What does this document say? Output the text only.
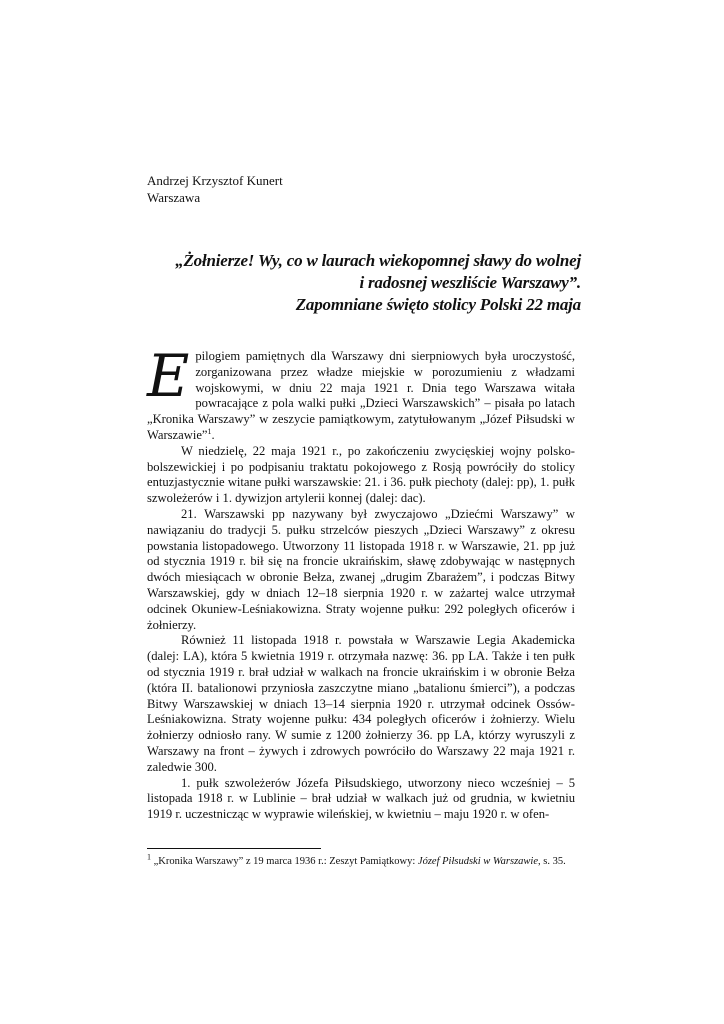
Andrzej Krzysztof Kunert
Warszawa
„Żołnierze! Wy, co w laurach wiekopomnej sławy do wolnej
i radosnej weszliście Warszawy”.
Zapomniane święto stolicy Polski 22 maja

Epilogiem pamiętnych dla Warszawy dni sierpniowych była uroczystość, zorganizowana przez władze miejskie w porozumieniu z władzami wojskowymi, w dniu 22 maja 1921 r. Dnia tego Warszawa witała powracające z pola walki pułki „Dzieci Warszawskich” – pisała po latach „Kronika Warszawy” w zeszycie pamiątkowym, zatytułowanym „Józef Piłsudski w Warszawie”$^1$.

W niedzielę, 22 maja 1921 r., po zakończeniu zwycięskiej wojny polsko-bolszewickiej i po podpisaniu traktatu pokojowego z Rosją powróciły do stolicy entuzjastycznie witane pułki warszawskie: 21. i 36. pułk piechoty (dalej: pp), 1. pułk szwoleżerów i 1. dywizjon artylerii konnej (dalej: dac).

21. Warszawski pp nazywany był zwyczajowo „Dziećmi Warszawy” w nawiązaniu do tradycji 5. pułku strzelców pieszych „Dzieci Warszawy” z okresu powstania listopadowego. Utworzony 11 listopada 1918 r. w Warszawie, 21. pp już od stycznia 1919 r. bił się na froncie ukraińskim, sławę zdobywając w następnych dwóch miesiącach w obronie Bełza, zwanej „drugim Zbarażem”, i podczas Bitwy Warszawskiej, gdy w dniach 12–18 sierpnia 1920 r. w zażartej walce utrzymał odcinek Okuniew-Leśniakowizna. Straty wojenne pułku: 292 poległych oficerów i żołnierzy.

Również 11 listopada 1918 r. powstała w Warszawie Legia Akademicka (dalej: LA), która 5 kwietnia 1919 r. otrzymała nazwę: 36. pp LA. Także i ten pułk od stycznia 1919 r. brał udział w walkach na froncie ukraińskim i w obronie Bełza (która II. batalionowi przyniosła zaszczytne miano „batalionu śmierci”), a podczas Bitwy Warszawskiej w dniach 13–14 sierpnia 1920 r. utrzymał odcinek Ossów-Leśniakowizna. Straty wojenne pułku: 434 poległych oficerów i żołnierzy. Wielu żołnierzy odniosło rany. W sumie z 1200 żołnierzy 36. pp LA, którzy wyruszyli z Warszawy na front – żywych i zdrowych powróciło do Warszawy 22 maja 1921 r. zaledwie 300.

1. pułk szwoleżerów Józefa Piłsudskiego, utworzony nieco wcześniej – 5 listopada 1918 r. w Lublinie – brał udział w walkach już od grudnia, w kwietniu 1919 r. uczestnicząc w wyprawie wileńskiej, w kwietniu – maju 1920 r. w ofen-

$^1$ „Kronika Warszawy” z 19 marca 1936 r.: Zeszyt Pamiątkowy: Józef Piłsudski w Warszawie, s. 35.
